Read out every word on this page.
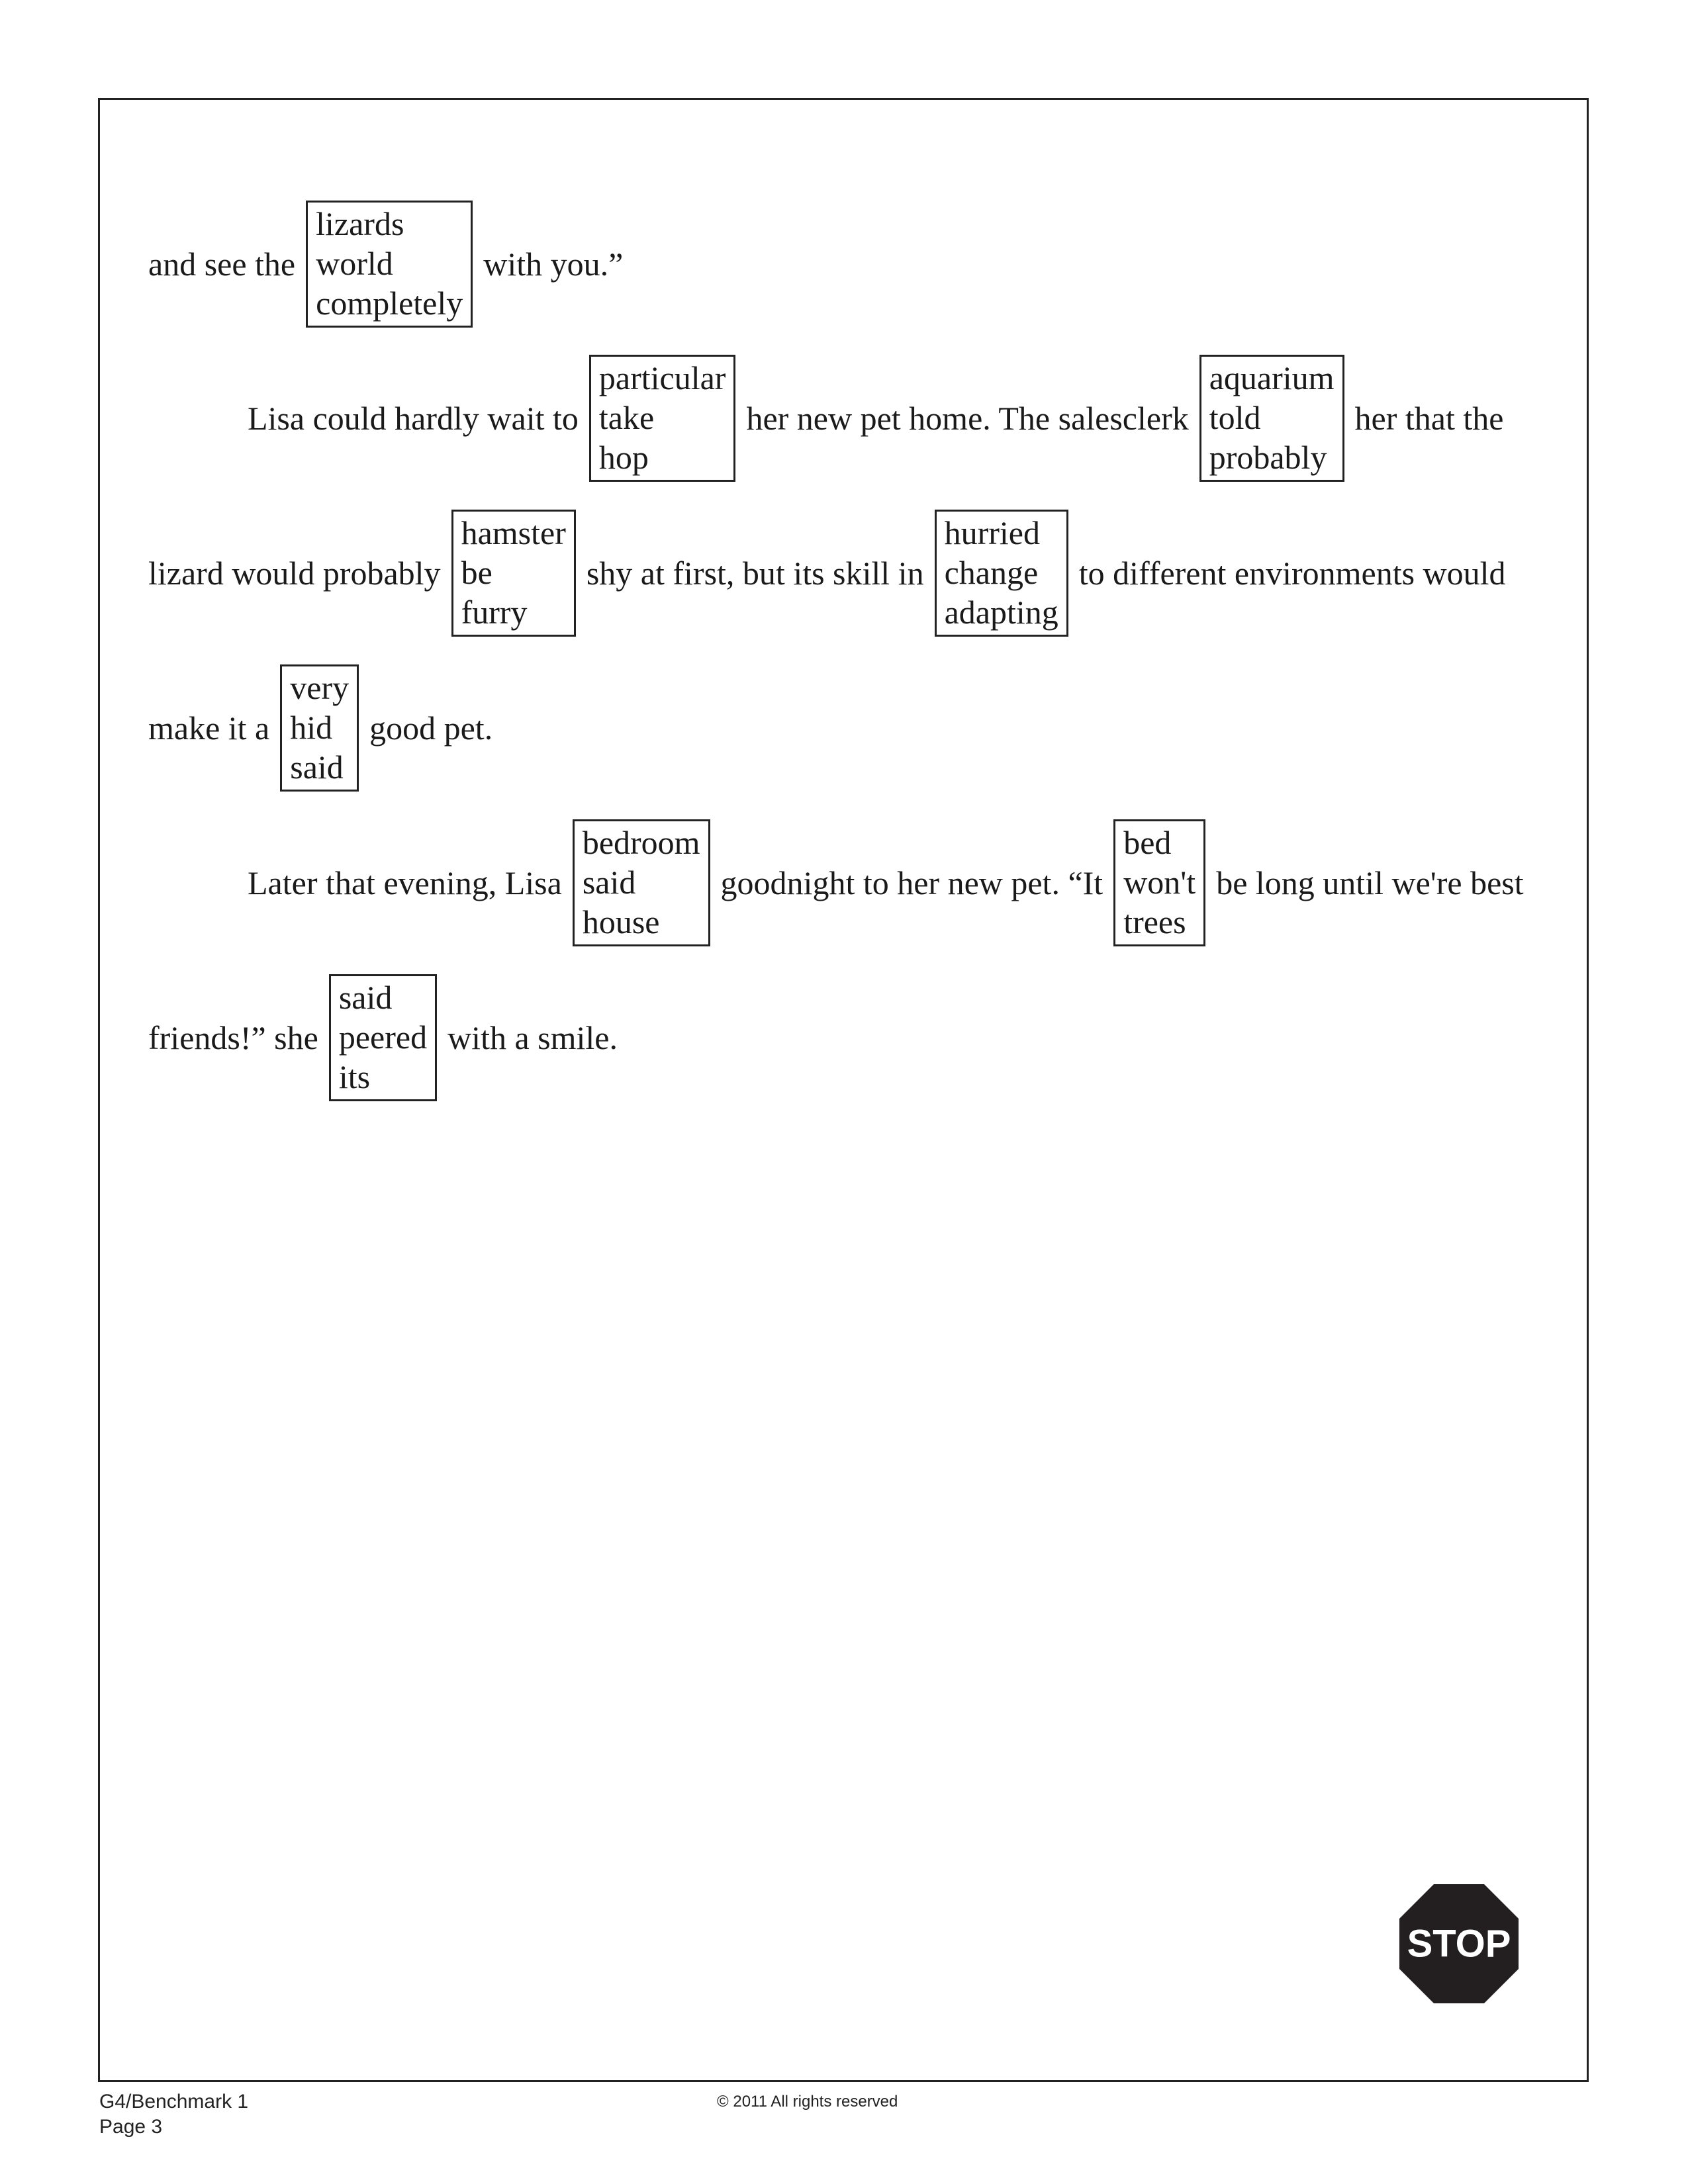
and see the
lizards
world
completely
with you.”
Lisa could hardly wait to
particular
take
hop
her new pet home. The salesclerk
aquarium
told
probably
her that the
lizard would probably
hamster
be
furry
shy at first, but its skill in
hurried
change
adapting
to different environments would
make it a
very
hid
said
good pet.
Later that evening, Lisa
bedroom
said
house
goodnight to her new pet. “It
bed
won't
trees
be long until we're best
friends!” she
said
peered
its
with a smile.
STOP
G4/Benchmark 1
Page 3
© 2011 All rights reserved
